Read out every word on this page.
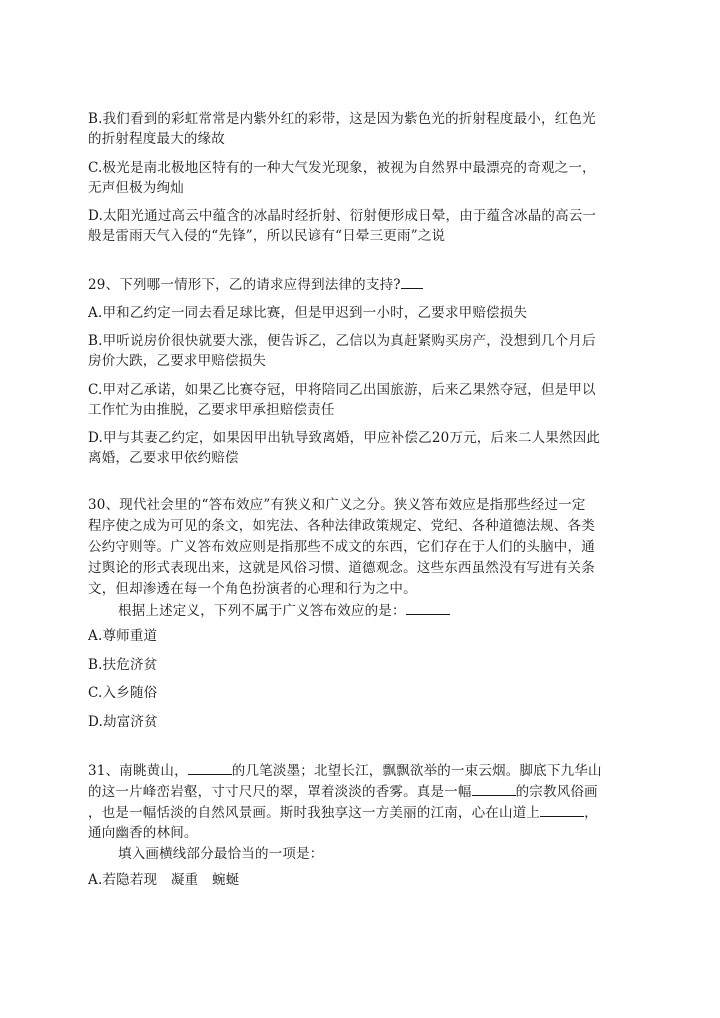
B.我们看到的彩虹常常是内紫外红的彩带，这是因为紫色光的折射程度最小，红色光
的折射程度最大的缘故
C.极光是南北极地区特有的一种大气发光现象，被视为自然界中最漂亮的奇观之一，
无声但极为绚灿
D.太阳光通过高云中蕴含的冰晶时经折射、衍射便形成日晕，由于蕴含冰晶的高云一
般是雷雨天气入侵的“先锋”，所以民谚有“日晕三更雨”之说
29、下列哪一情形下，乙的请求应得到法律的支持?
A.甲和乙约定一同去看足球比赛，但是甲迟到一小时，乙要求甲赔偿损失
B.甲听说房价很快就要大涨，便告诉乙，乙信以为真赶紧购买房产，没想到几个月后
房价大跌，乙要求甲赔偿损失
C.甲对乙承诺，如果乙比赛夺冠，甲将陪同乙出国旅游，后来乙果然夺冠，但是甲以
工作忙为由推脱，乙要求甲承担赔偿责任
D.甲与其妻乙约定，如果因甲出轨导致离婚，甲应补偿乙20万元，后来二人果然因此
离婚，乙要求甲依约赔偿
30、现代社会里的“答布效应”有狭义和广义之分。狭义答布效应是指那些经过一定
程序使之成为可见的条文，如宪法、各种法律政策规定、党纪、各种道德法规、各类
公约守则等。广义答布效应则是指那些不成文的东西，它们存在于人们的头脑中，通
过舆论的形式表现出来，这就是风俗习惯、道德观念。这些东西虽然没有写进有关条
文，但却渗透在每一个角色扮演者的心理和行为之中。
根据上述定义，下列不属于广义答布效应的是：
A.尊师重道
B.扶危济贫
C.入乡随俗
D.劫富济贫
31、南眺黄山，	的几笔淡墨；北望长江，飘飘欲举的一束云烟。脚底下九华山
的这一片峰峦岩壑，寸寸尺尺的翠，罩着淡淡的香雾。真是一幅	的宗教风俗画
，也是一幅恬淡的自然风景画。斯时我独享这一方美丽的江南，心在山道上	，
通向幽香的林间。
填入画横线部分最恰当的一项是：
A.若隐若现　凝重　蜿蜒
